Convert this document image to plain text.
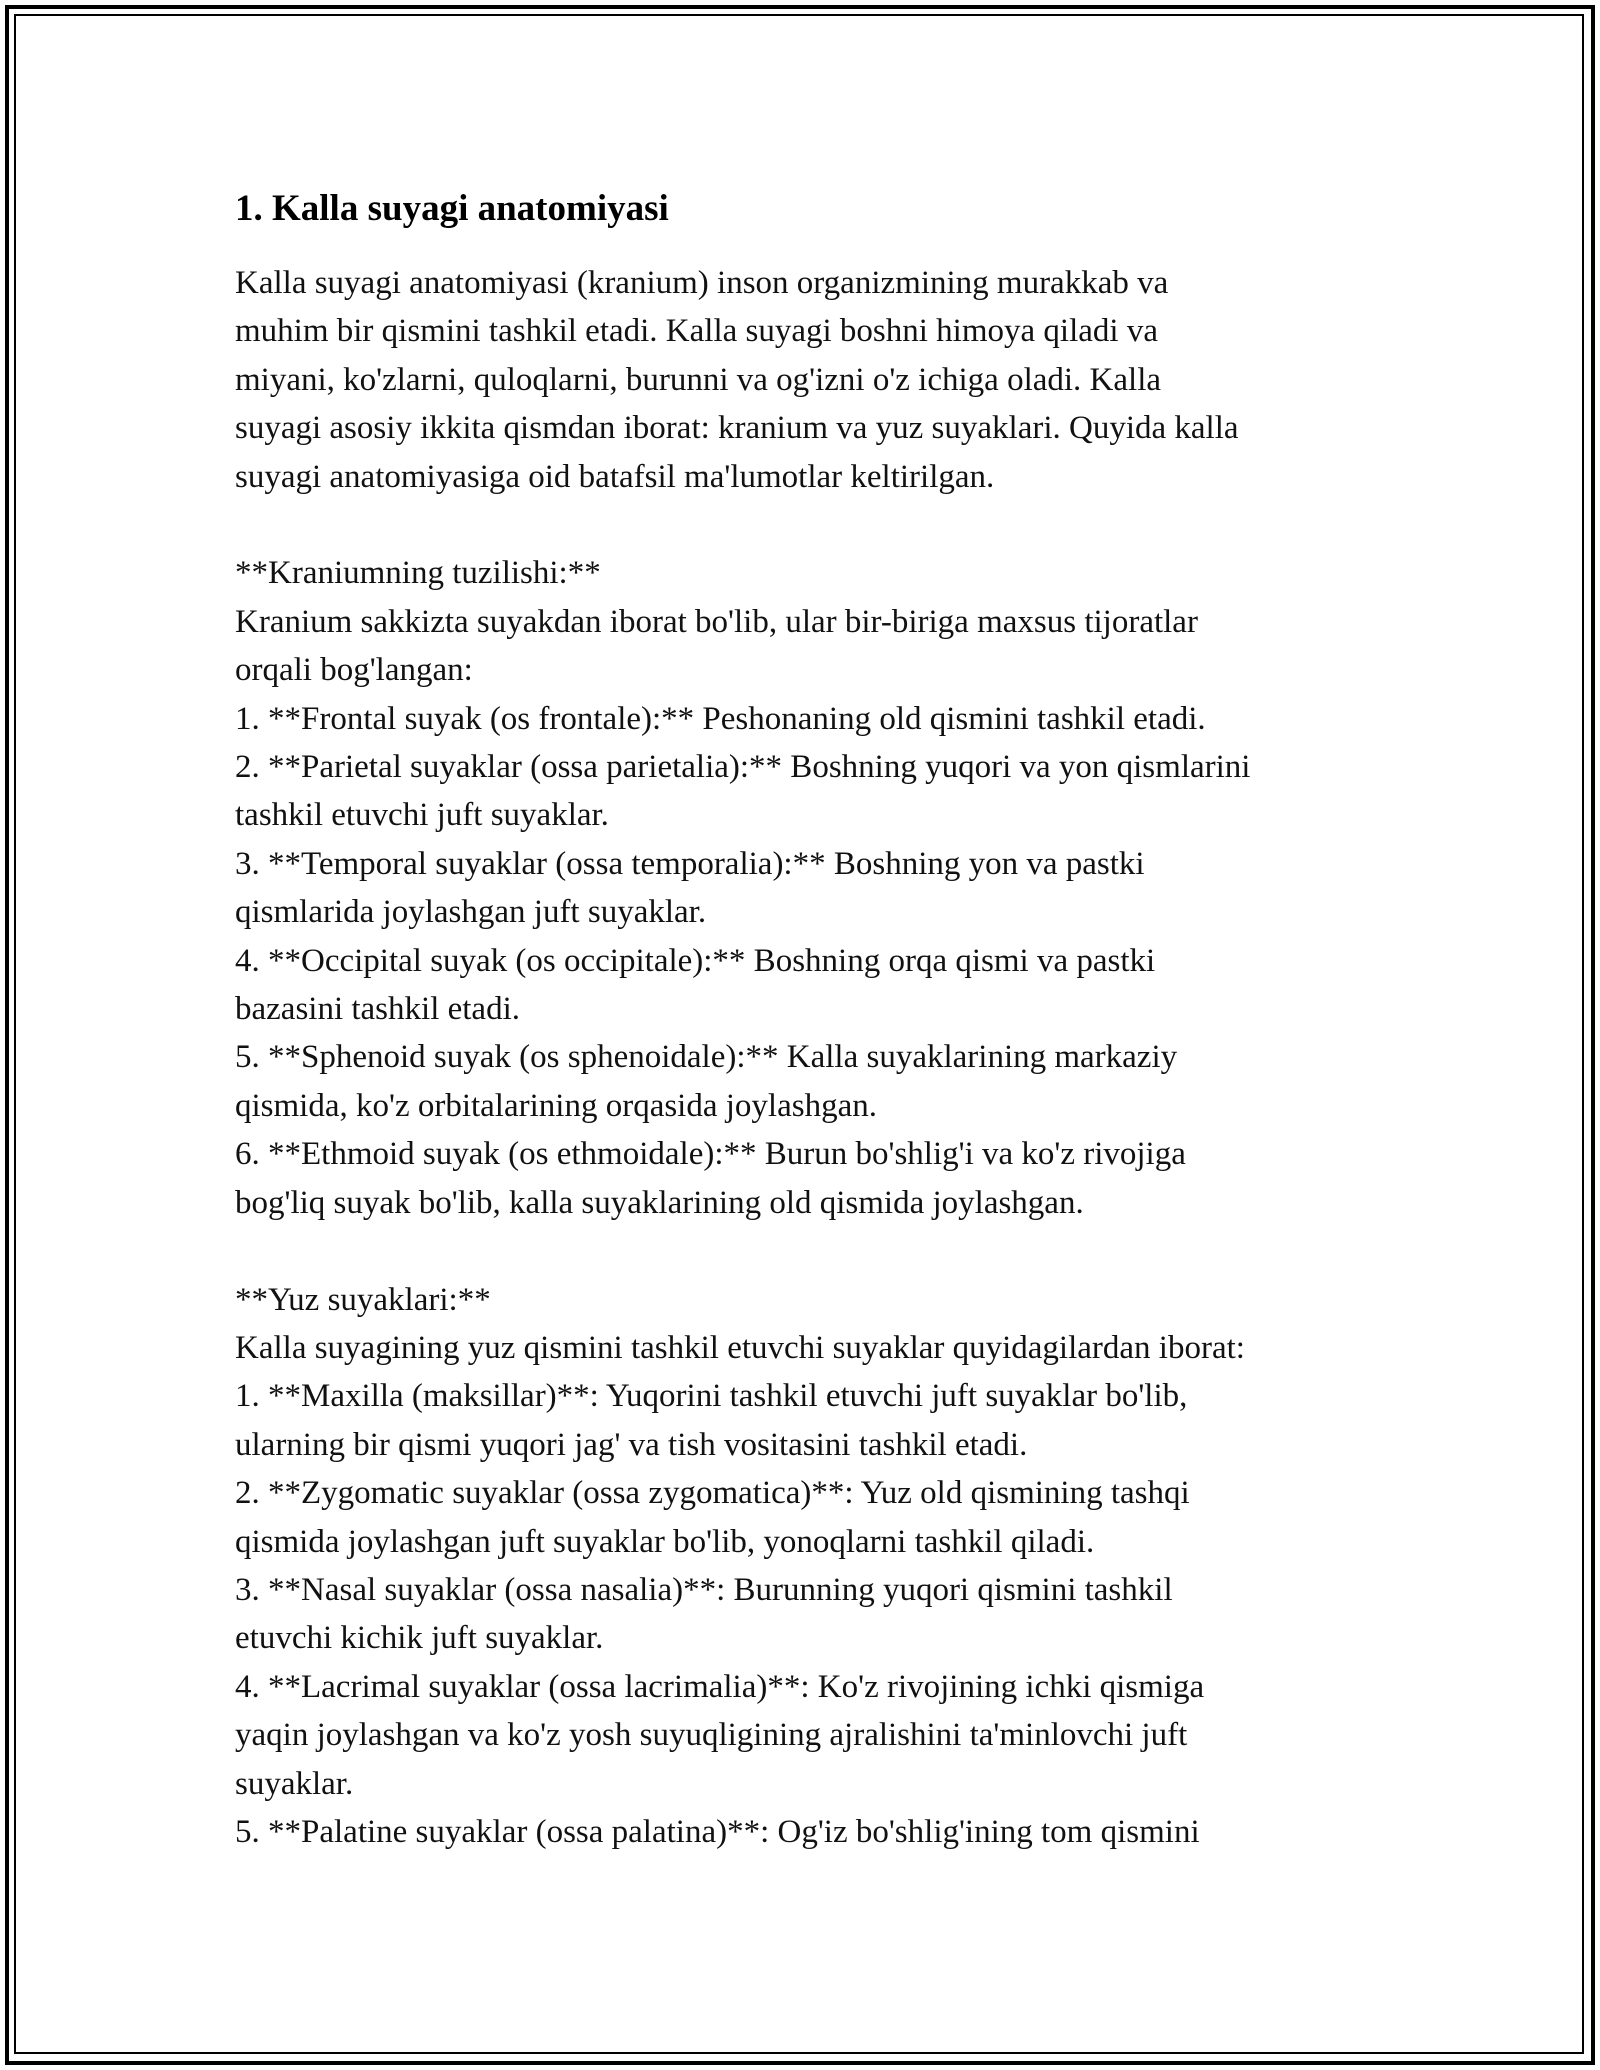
1. Kalla suyagi anatomiyasi

Kalla suyagi anatomiyasi (kranium) inson organizmining murakkab va
muhim bir qismini tashkil etadi. Kalla suyagi boshni himoya qiladi va
miyani, ko'zlarni, quloqlarni, burunni va og'izni o'z ichiga oladi. Kalla
suyagi asosiy ikkita qismdan iborat: kranium va yuz suyaklari. Quyida kalla
suyagi anatomiyasiga oid batafsil ma'lumotlar keltirilgan.
**Kraniumning tuzilishi:**
Kranium sakkizta suyakdan iborat bo'lib, ular bir-biriga maxsus tijoratlar
orqali bog'langan:
1. **Frontal suyak (os frontale):** Peshonaning old qismini tashkil etadi.
2. **Parietal suyaklar (ossa parietalia):** Boshning yuqori va yon qismlarini
tashkil etuvchi juft suyaklar.
3. **Temporal suyaklar (ossa temporalia):** Boshning yon va pastki
qismlarida joylashgan juft suyaklar.
4. **Occipital suyak (os occipitale):** Boshning orqa qismi va pastki
bazasini tashkil etadi.
5. **Sphenoid suyak (os sphenoidale):** Kalla suyaklarining markaziy
qismida, ko'z orbitalarining orqasida joylashgan.
6. **Ethmoid suyak (os ethmoidale):** Burun bo'shlig'i va ko'z rivojiga
bog'liq suyak bo'lib, kalla suyaklarining old qismida joylashgan.
**Yuz suyaklari:**
Kalla suyagining yuz qismini tashkil etuvchi suyaklar quyidagilardan iborat:
1. **Maxilla (maksillar)**: Yuqorini tashkil etuvchi juft suyaklar bo'lib,
ularning bir qismi yuqori jag' va tish vositasini tashkil etadi.
2. **Zygomatic suyaklar (ossa zygomatica)**: Yuz old qismining tashqi
qismida joylashgan juft suyaklar bo'lib, yonoqlarni tashkil qiladi.
3. **Nasal suyaklar (ossa nasalia)**: Burunning yuqori qismini tashkil
etuvchi kichik juft suyaklar.
4. **Lacrimal suyaklar (ossa lacrimalia)**: Ko'z rivojining ichki qismiga
yaqin joylashgan va ko'z yosh suyuqligining ajralishini ta'minlovchi juft
suyaklar.
5. **Palatine suyaklar (ossa palatina)**: Og'iz bo'shlig'ining tom qismini
